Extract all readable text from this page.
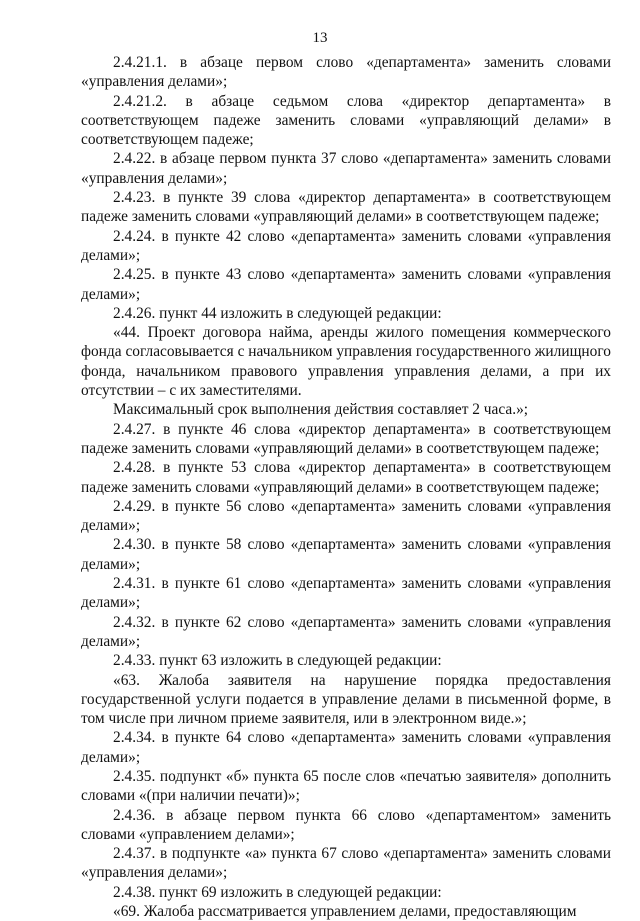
13

2.4.21.1. в абзаце первом слово «департамента» заменить словами «управления делами»;

2.4.21.2. в абзаце седьмом слова «директор департамента» в соответствующем падеже заменить словами «управляющий делами» в соответствующем падеже;

2.4.22. в абзаце первом пункта 37 слово «департамента» заменить словами «управления делами»;

2.4.23. в пункте 39 слова «директор департамента» в соответствующем падеже заменить словами «управляющий делами» в соответствующем падеже;

2.4.24. в пункте 42 слово «департамента» заменить словами «управления делами»;

2.4.25. в пункте 43 слово «департамента» заменить словами «управления делами»;

2.4.26. пункт 44 изложить в следующей редакции:

«44. Проект договора найма, аренды жилого помещения коммерческого фонда согласовывается с начальником управления государственного жилищного фонда, начальником правового управления управления делами, а при их отсутствии – с их заместителями.

Максимальный срок выполнения действия составляет 2 часа.»;

2.4.27. в пункте 46 слова «директор департамента» в соответствующем падеже заменить словами «управляющий делами» в соответствующем падеже;

2.4.28. в пункте 53 слова «директор департамента» в соответствующем падеже заменить словами «управляющий делами» в соответствующем падеже;

2.4.29. в пункте 56 слово «департамента» заменить словами «управления делами»;

2.4.30. в пункте 58 слово «департамента» заменить словами «управления делами»;

2.4.31. в пункте 61 слово «департамента» заменить словами «управления делами»;

2.4.32. в пункте 62 слово «департамента» заменить словами «управления делами»;

2.4.33. пункт 63 изложить в следующей редакции:

«63. Жалоба заявителя на нарушение порядка предоставления государственной услуги подается в управление делами в письменной форме, в том числе при личном приеме заявителя, или в электронном виде.»;

2.4.34. в пункте 64 слово «департамента» заменить словами «управления делами»;

2.4.35. подпункт «б» пункта 65 после слов «печатью заявителя» дополнить словами «(при наличии печати)»;

2.4.36. в абзаце первом пункта 66 слово «департаментом» заменить словами «управлением делами»;

2.4.37. в подпункте «а» пункта 67 слово «департамента» заменить словами «управления делами»;

2.4.38. пункт 69 изложить в следующей редакции:

«69. Жалоба рассматривается управлением делами, предоставляющим
